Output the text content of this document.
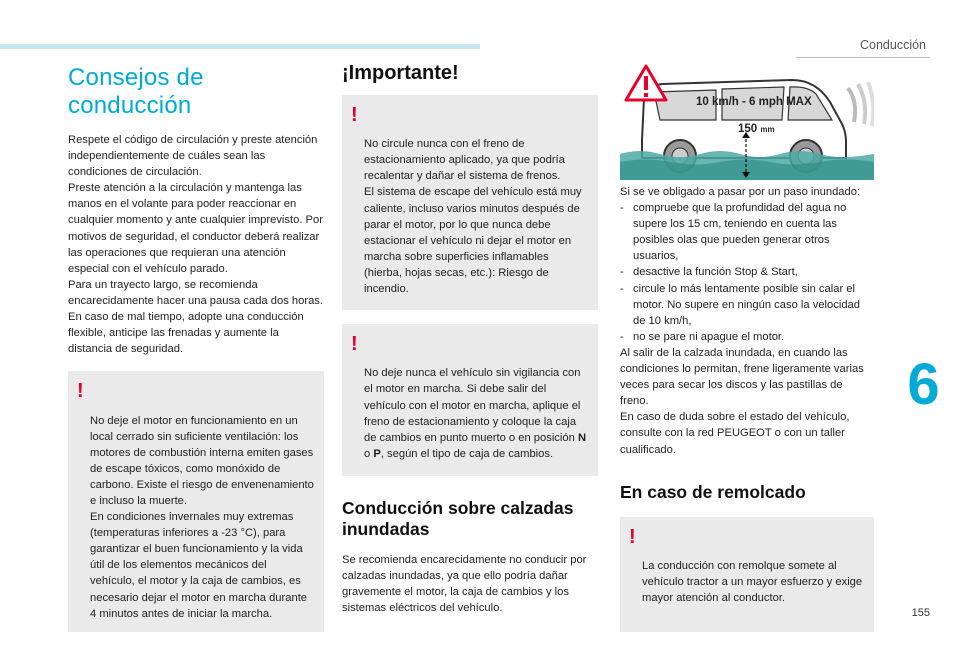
Conducción
6
155
Consejos de conducción

Respete el código de circulación y preste atención independientemente de cuáles sean las condiciones de circulación.
Preste atención a la circulación y mantenga las manos en el volante para poder reaccionar en cualquier momento y ante cualquier imprevisto. Por motivos de seguridad, el conductor deberá realizar las operaciones que requieran una atención especial con el vehículo parado.
Para un trayecto largo, se recomienda encarecidamente hacer una pausa cada dos horas.
En caso de mal tiempo, adopte una conducción flexible, anticipe las frenadas y aumente la distancia de seguridad.

!

No deje el motor en funcionamiento en un local cerrado sin suficiente ventilación: los motores de combustión interna emiten gases de escape tóxicos, como monóxido de carbono. Existe el riesgo de envenenamiento e incluso la muerte.
En condiciones invernales muy extremas (temperaturas inferiores a -23 °C), para garantizar el buen funcionamiento y la vida útil de los elementos mecánicos del vehículo, el motor y la caja de cambios, es necesario dejar el motor en marcha durante 4 minutos antes de iniciar la marcha.

¡Importante!

!

No circule nunca con el freno de estacionamiento aplicado, ya que podría recalentar y dañar el sistema de frenos.
El sistema de escape del vehículo está muy caliente, incluso varios minutos después de parar el motor, por lo que nunca debe estacionar el vehículo ni dejar el motor en marcha sobre superficies inflamables (hierba, hojas secas, etc.): Riesgo de incendio.

!

No deje nunca el vehículo sin vigilancia con el motor en marcha. Si debe salir del vehículo con el motor en marcha, aplique el freno de estacionamiento y coloque la caja de cambios en punto muerto o en posición N o P, según el tipo de caja de cambios.

Conducción sobre calzadas inundadas

Se recomienda encarecidamente no conducir por calzadas inundadas, ya que ello podría dañar gravemente el motor, la caja de cambios y los sistemas eléctricos del vehículo.

10 km/h - 6 mph MAX
150 mm

Si se ve obligado a pasar por un paso inundado:

- compruebe que la profundidad del agua no supere los 15 cm, teniendo en cuenta las posibles olas que pueden generar otros usuarios,
- desactive la función Stop & Start,
- circule lo más lentamente posible sin calar el motor. No supere en ningún caso la velocidad de 10 km/h,
- no se pare ni apague el motor.

Al salir de la calzada inundada, en cuando las condiciones lo permitan, frene ligeramente varias veces para secar los discos y las pastillas de freno.
En caso de duda sobre el estado del vehículo, consulte con la red PEUGEOT o con un taller cualificado.

En caso de remolcado

!

La conducción con remolque somete al vehículo tractor a un mayor esfuerzo y exige mayor atención al conductor.
